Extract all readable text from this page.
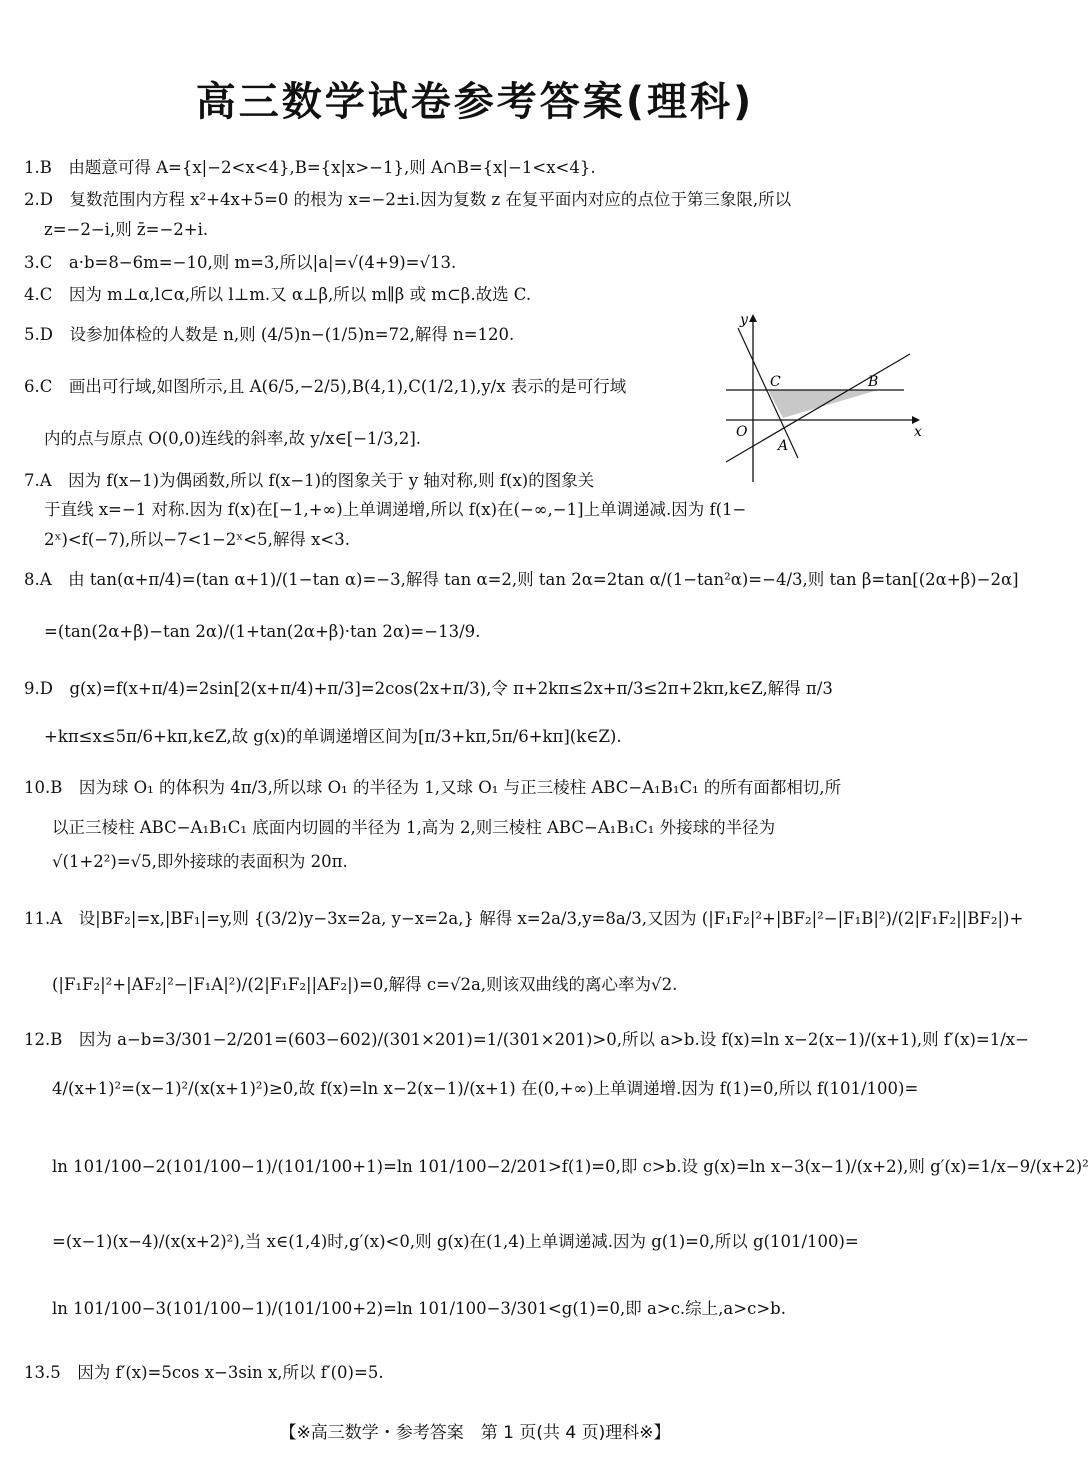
高三数学试卷参考答案(理科)
1.B　由题意可得 A={x|−2<x<4},B={x|x>−1},则 A∩B={x|−1<x<4}.
2.D　复数范围内方程 x²+4x+5=0 的根为 x=−2±i.因为复数 z 在复平面内对应的点位于第三象限,所以
z=−2−i,则 z̄=−2+i.
3.C　a·b=8−6m=−10,则 m=3,所以|a|=√(4+9)=√13.
4.C　因为 m⊥α,l⊂α,所以 l⊥m.又 α⊥β,所以 m∥β 或 m⊂β.故选 C.
5.D　设参加体检的人数是 n,则 (4/5)n−(1/5)n=72,解得 n=120.
6.C　画出可行域,如图所示,且 A(6/5,−2/5),B(4,1),C(1/2,1),y/x 表示的是可行域
内的点与原点 O(0,0)连线的斜率,故 y/x∈[−1/3,2].
7.A　因为 f(x−1)为偶函数,所以 f(x−1)的图象关于 y 轴对称,则 f(x)的图象关
于直线 x=−1 对称.因为 f(x)在[−1,+∞)上单调递增,所以 f(x)在(−∞,−1]上单调递减.因为 f(1−
2ˣ)<f(−7),所以−7<1−2ˣ<5,解得 x<3.
8.A　由 tan(α+π/4)=(tan α+1)/(1−tan α)=−3,解得 tan α=2,则 tan 2α=2tan α/(1−tan²α)=−4/3,则 tan β=tan[(2α+β)−2α]
=(tan(2α+β)−tan 2α)/(1+tan(2α+β)·tan 2α)=−13/9.
9.D　g(x)=f(x+π/4)=2sin[2(x+π/4)+π/3]=2cos(2x+π/3),令 π+2kπ≤2x+π/3≤2π+2kπ,k∈Z,解得 π/3
+kπ≤x≤5π/6+kπ,k∈Z,故 g(x)的单调递增区间为[π/3+kπ,5π/6+kπ](k∈Z).
10.B　因为球 O₁ 的体积为 4π/3,所以球 O₁ 的半径为 1,又球 O₁ 与正三棱柱 ABC−A₁B₁C₁ 的所有面都相切,所
以正三棱柱 ABC−A₁B₁C₁ 底面内切圆的半径为 1,高为 2,则三棱柱 ABC−A₁B₁C₁ 外接球的半径为
√(1+2²)=√5,即外接球的表面积为 20π.
11.A　设|BF₂|=x,|BF₁|=y,则 {(3/2)y−3x=2a, y−x=2a,} 解得 x=2a/3,y=8a/3,又因为 (|F₁F₂|²+|BF₂|²−|F₁B|²)/(2|F₁F₂||BF₂|)+
(|F₁F₂|²+|AF₂|²−|F₁A|²)/(2|F₁F₂||AF₂|)=0,解得 c=√2a,则该双曲线的离心率为√2.
12.B　因为 a−b=3/301−2/201=(603−602)/(301×201)=1/(301×201)>0,所以 a>b.设 f(x)=ln x−2(x−1)/(x+1),则 f′(x)=1/x−
4/(x+1)²=(x−1)²/(x(x+1)²)≥0,故 f(x)=ln x−2(x−1)/(x+1) 在(0,+∞)上单调递增.因为 f(1)=0,所以 f(101/100)=
ln 101/100−2(101/100−1)/(101/100+1)=ln 101/100−2/201>f(1)=0,即 c>b.设 g(x)=ln x−3(x−1)/(x+2),则 g′(x)=1/x−9/(x+2)²
=(x−1)(x−4)/(x(x+2)²),当 x∈(1,4)时,g′(x)<0,则 g(x)在(1,4)上单调递减.因为 g(1)=0,所以 g(101/100)=
ln 101/100−3(101/100−1)/(101/100+2)=ln 101/100−3/301<g(1)=0,即 a>c.综上,a>c>b.
13.5　因为 f′(x)=5cos x−3sin x,所以 f′(0)=5.
y
x
O
C	B
A
【※高三数学・参考答案　第 1 页(共 4 页)理科※】
